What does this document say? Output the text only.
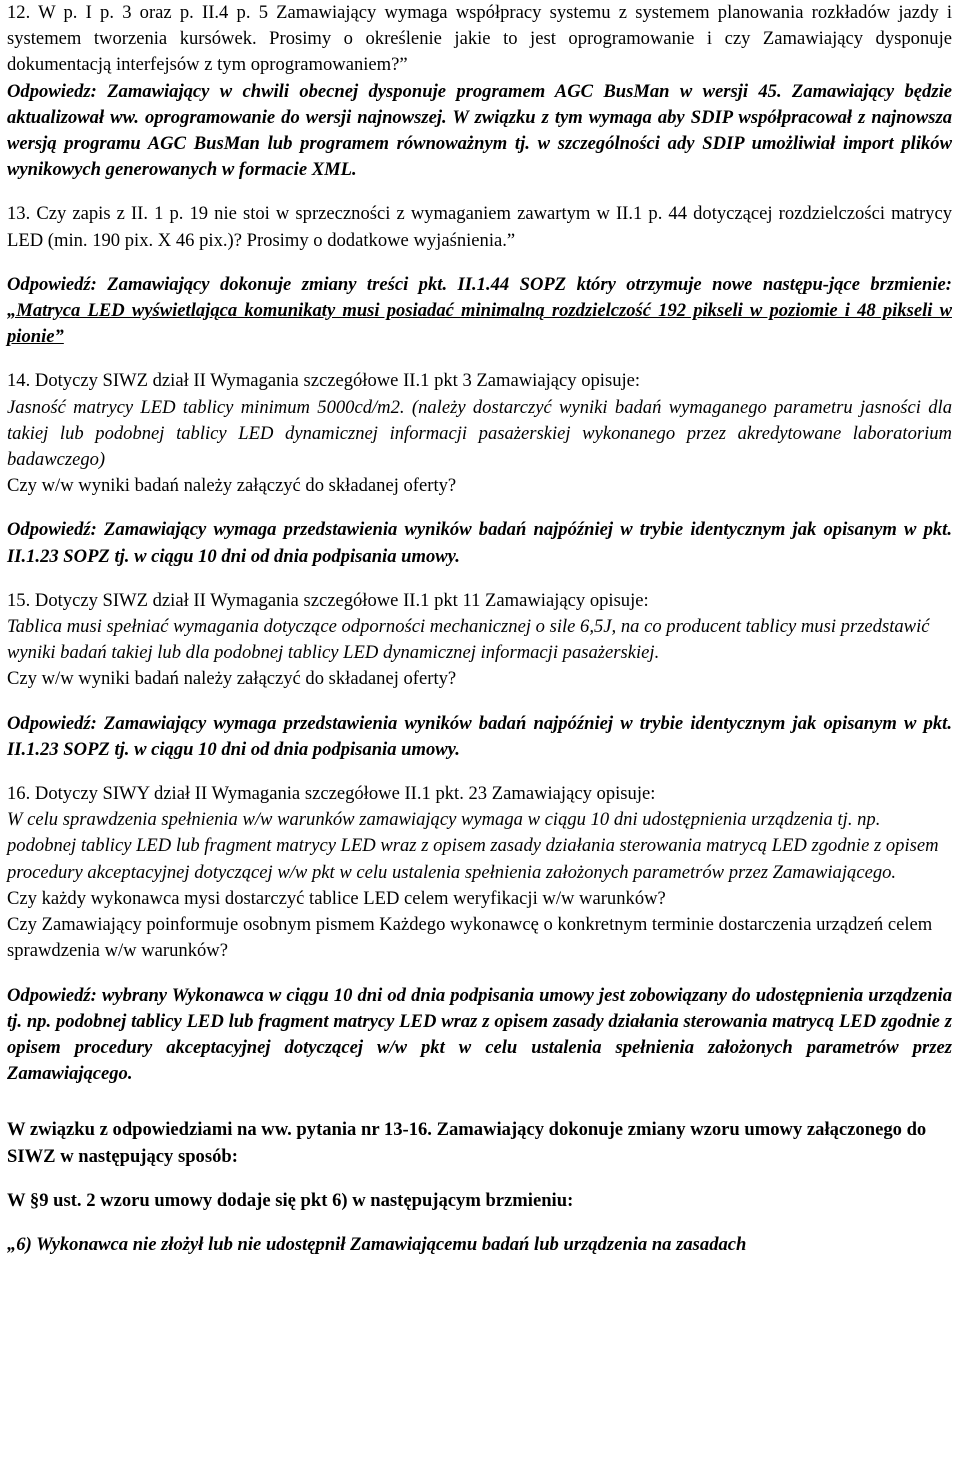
12. W p. I p. 3 oraz p. II.4 p. 5 Zamawiający wymaga współpracy systemu z systemem planowania rozkładów jazdy i systemem tworzenia kursówek. Prosimy o określenie jakie to jest oprogramowanie i czy Zamawiający dysponuje dokumentacją interfejsów z tym oprogramowaniem?”

Odpowiedz: Zamawiający w chwili obecnej dysponuje programem AGC BusMan w wersji 45. Zamawiający będzie aktualizował ww. oprogramowanie do wersji najnowszej. W związku z tym wymaga aby SDIP współpracował z najnowsza wersją programu AGC BusMan lub programem równoważnym tj. w szczególności ady SDIP umożliwiał import plików wynikowych generowanych w formacie XML.

13. Czy zapis z II. 1 p. 19 nie stoi w sprzeczności z wymaganiem zawartym w II.1 p. 44 dotyczącej rozdzielczości matrycy LED (min. 190 pix. X 46 pix.)? Prosimy o dodatkowe wyjaśnienia.”

Odpowiedź: Zamawiający dokonuje zmiany treści pkt. II.1.44 SOPZ który otrzymuje nowe następu-jące brzmienie: „Matryca LED wyświetlająca komunikaty musi posiadać minimalną rozdzielczość 192 pikseli w poziomie i 48 pikseli w pionie”

14. Dotyczy SIWZ dział II Wymagania szczegółowe II.1 pkt 3 Zamawiający opisuje:

Jasność matrycy LED tablicy minimum 5000cd/m2. (należy dostarczyć wyniki badań wymaganego parametru jasności dla takiej lub podobnej tablicy LED dynamicznej informacji pasażerskiej wykonanego przez akredytowane laboratorium badawczego)

Czy w/w wyniki badań należy załączyć do składanej oferty?

Odpowiedź: Zamawiający wymaga przedstawienia wyników badań najpóźniej w trybie identycznym jak opisanym w pkt. II.1.23 SOPZ tj. w ciągu 10 dni od dnia podpisania umowy.

15. Dotyczy SIWZ dział II Wymagania szczegółowe II.1 pkt 11 Zamawiający opisuje:

Tablica musi spełniać wymagania dotyczące odporności mechanicznej o sile 6,5J, na co producent tablicy musi przedstawić wyniki badań takiej lub dla podobnej tablicy LED dynamicznej informacji pasażerskiej.

Czy w/w wyniki badań należy załączyć do składanej oferty?

Odpowiedź: Zamawiający wymaga przedstawienia wyników badań najpóźniej w trybie identycznym jak opisanym w pkt. II.1.23 SOPZ tj. w ciągu 10 dni od dnia podpisania umowy.

16. Dotyczy SIWY dział II Wymagania szczegółowe II.1 pkt. 23 Zamawiający opisuje:

W celu sprawdzenia spełnienia w/w warunków zamawiający wymaga w ciągu 10 dni udostępnienia urządzenia tj. np. podobnej tablicy LED lub fragment matrycy LED wraz z opisem zasady działania sterowania matrycą LED zgodnie z opisem procedury akceptacyjnej dotyczącej w/w pkt w celu ustalenia spełnienia założonych parametrów przez Zamawiającego.

Czy każdy wykonawca mysi dostarczyć tablice LED celem weryfikacji w/w warunków?

Czy Zamawiający poinformuje osobnym pismem Każdego wykonawcę o konkretnym terminie dostarczenia urządzeń celem sprawdzenia w/w warunków?

Odpowiedź: wybrany Wykonawca w ciągu 10 dni od dnia podpisania umowy jest zobowiązany do udostępnienia urządzenia tj. np. podobnej tablicy LED lub fragment matrycy LED wraz z opisem zasady działania sterowania matrycą LED zgodnie z opisem procedury akceptacyjnej dotyczącej w/w pkt w celu ustalenia spełnienia założonych parametrów przez Zamawiającego.

W związku z odpowiedziami na ww. pytania nr 13-16. Zamawiający dokonuje zmiany wzoru umowy załączonego do SIWZ w następujący sposób:

W §9 ust. 2 wzoru umowy dodaje się pkt 6) w następującym brzmieniu:

„6) Wykonawca nie złożył lub nie udostępnił Zamawiającemu badań lub urządzenia na zasadach
